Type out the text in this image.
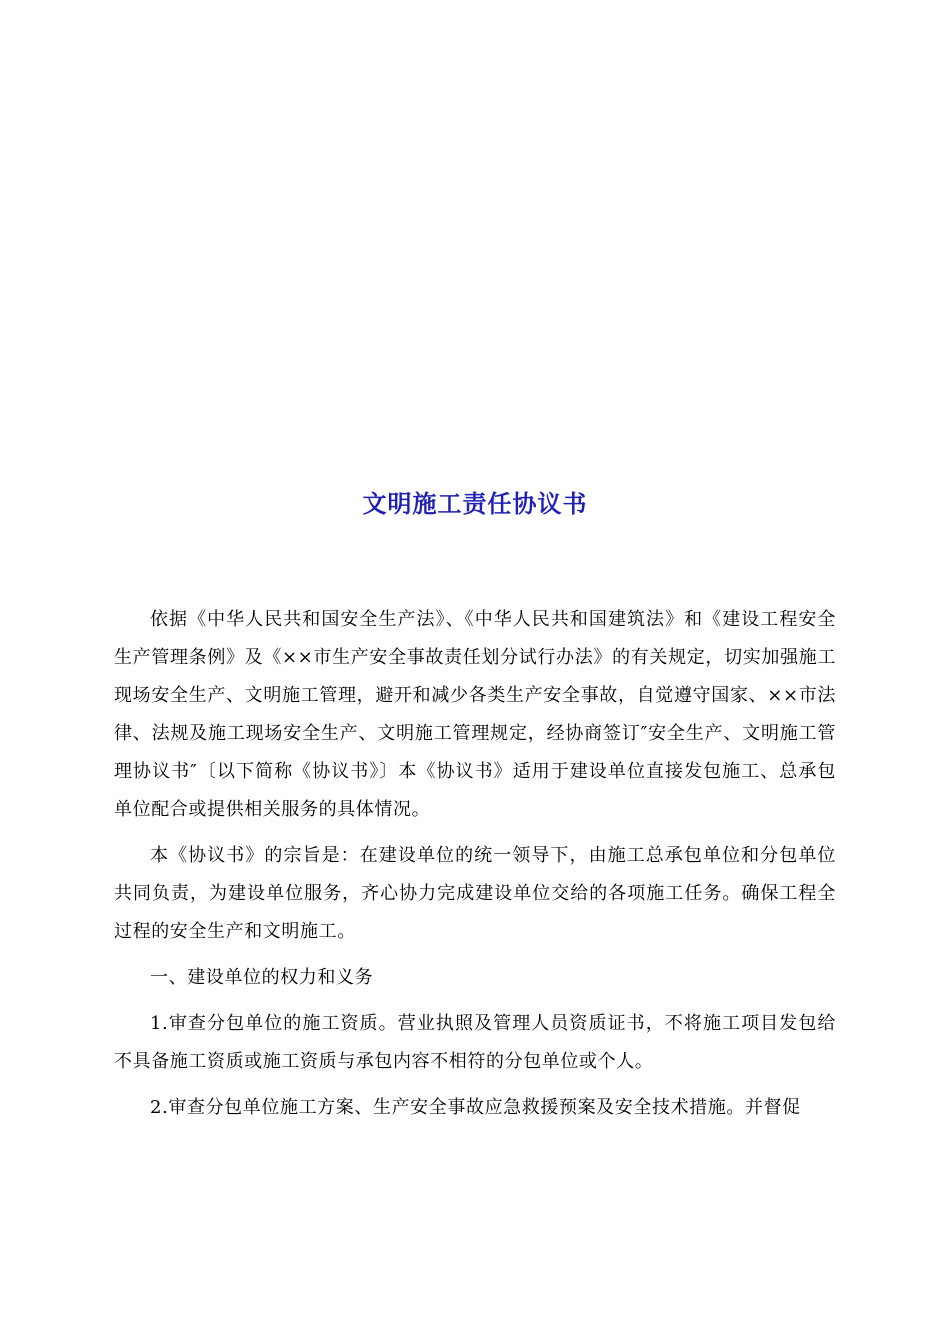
文明施工责任协议书

依据《中华人民共和国安全生产法》、《中华人民共和国建筑法》和《建设工程安全生产管理条例》及《××市生产安全事故责任划分试行办法》的有关规定，切实加强施工现场安全生产、文明施工管理，避开和减少各类生产安全事故，自觉遵守国家、××市法律、法规及施工现场安全生产、文明施工管理规定，经协商签订″安全生产、文明施工管理协议书″〔以下简称《协议书》〕本《协议书》适用于建设单位直接发包施工、总承包单位配合或提供相关服务的具体情况。

本《协议书》的宗旨是：在建设单位的统一领导下，由施工总承包单位和分包单位共同负责，为建设单位服务，齐心协力完成建设单位交给的各项施工任务。确保工程全过程的安全生产和文明施工。

一、建设单位的权力和义务

1.审查分包单位的施工资质。营业执照及管理人员资质证书，不将施工项目发包给不具备施工资质或施工资质与承包内容不相符的分包单位或个人。

2.审查分包单位施工方案、生产安全事故应急救援预案及安全技术措施。并督促
